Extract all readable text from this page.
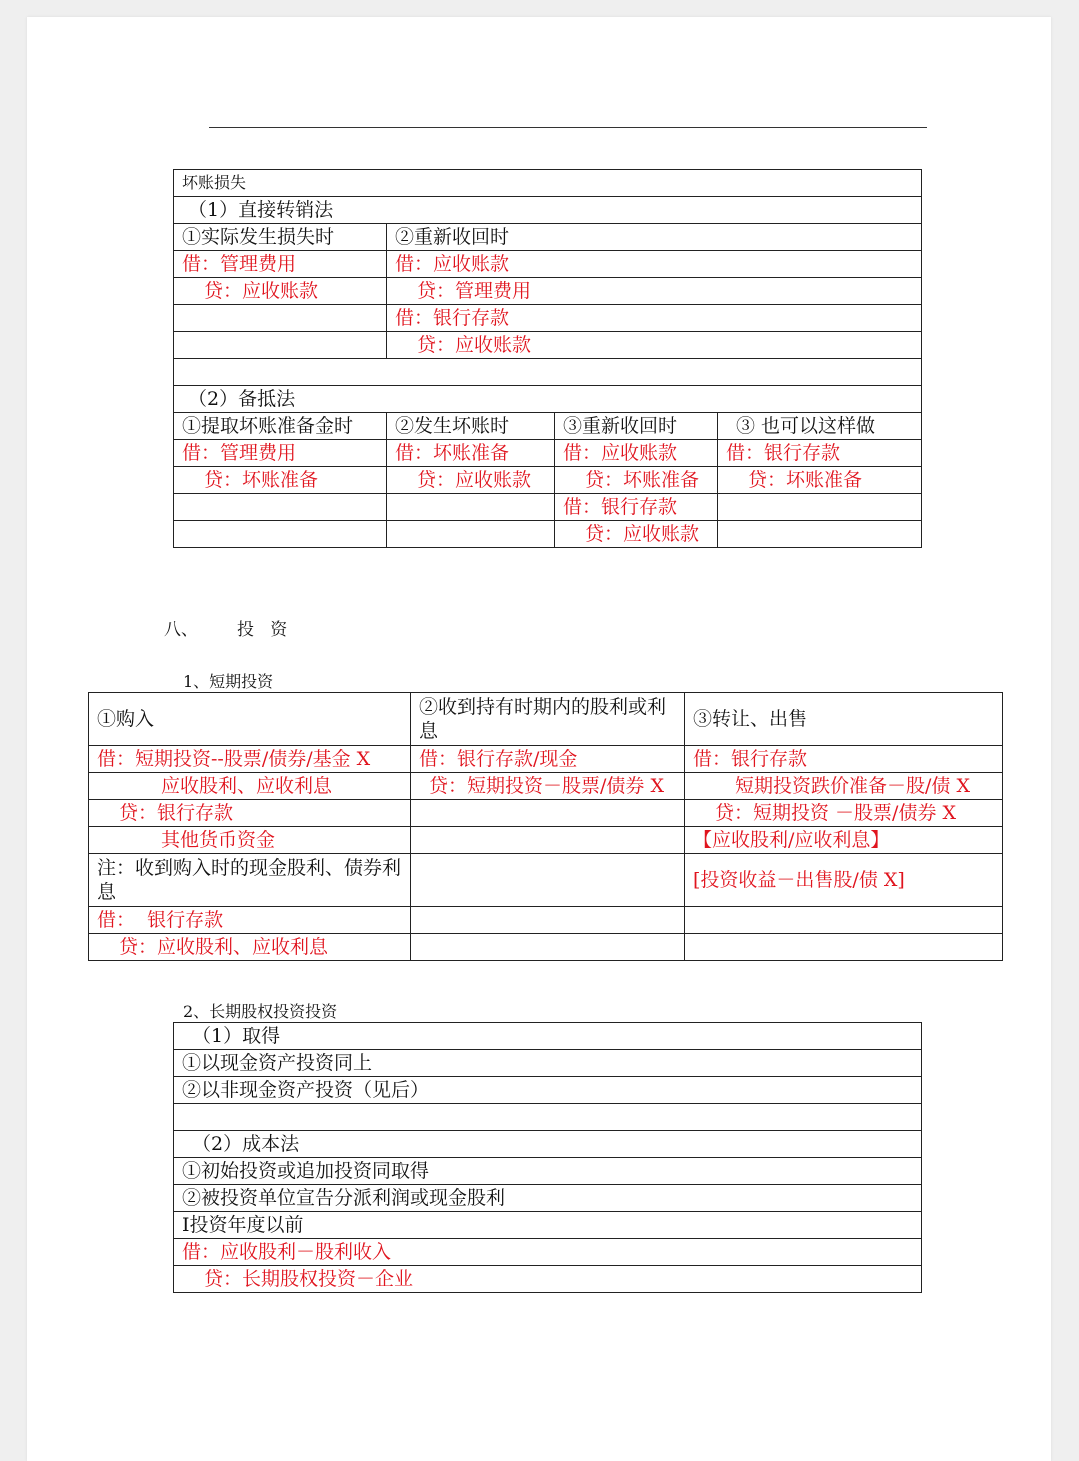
坏账损失			
（1）直接转销法			
①实际发生损失时	②重新收回时		
借：管理费用	借：应收账款		
贷：应收账款	贷：管理费用		
	借：银行存款		
	贷：应收账款		

（2）备抵法			
①提取坏账准备金时	②发生坏账时	③重新收回时	③ 也可以这样做
借：管理费用	借：坏账准备	借：应收账款	借：银行存款
贷：坏账准备	贷：应收账款	贷：坏账准备	贷：坏账准备
		借：银行存款	
		贷：应收账款	
八、 投   资
1、短期投资
①购入	②收到持有时期内的股利或利息	③转让、出售
借：短期投资--股票/债券/基金 X	借：银行存款/现金	借：银行存款
应收股利、应收利息	贷：短期投资－股票/债券 X	短期投资跌价准备－股/债 X
贷：银行存款		贷：短期投资 －股票/债券 X
其他货币资金		【应收股利/应收利息】
注：收到购入时的现金股利、债券利息		[投资收益－出售股/债 X]
借：  银行存款		
贷：应收股利、应收利息		
2、长期股权投资投资
（1）取得
①以现金资产投资同上
②以非现金资产投资（见后）

（2）成本法
①初始投资或追加投资同取得
②被投资单位宣告分派利润或现金股利
Ⅰ投资年度以前
借：应收股利－股利收入
贷：长期股权投资－企业
